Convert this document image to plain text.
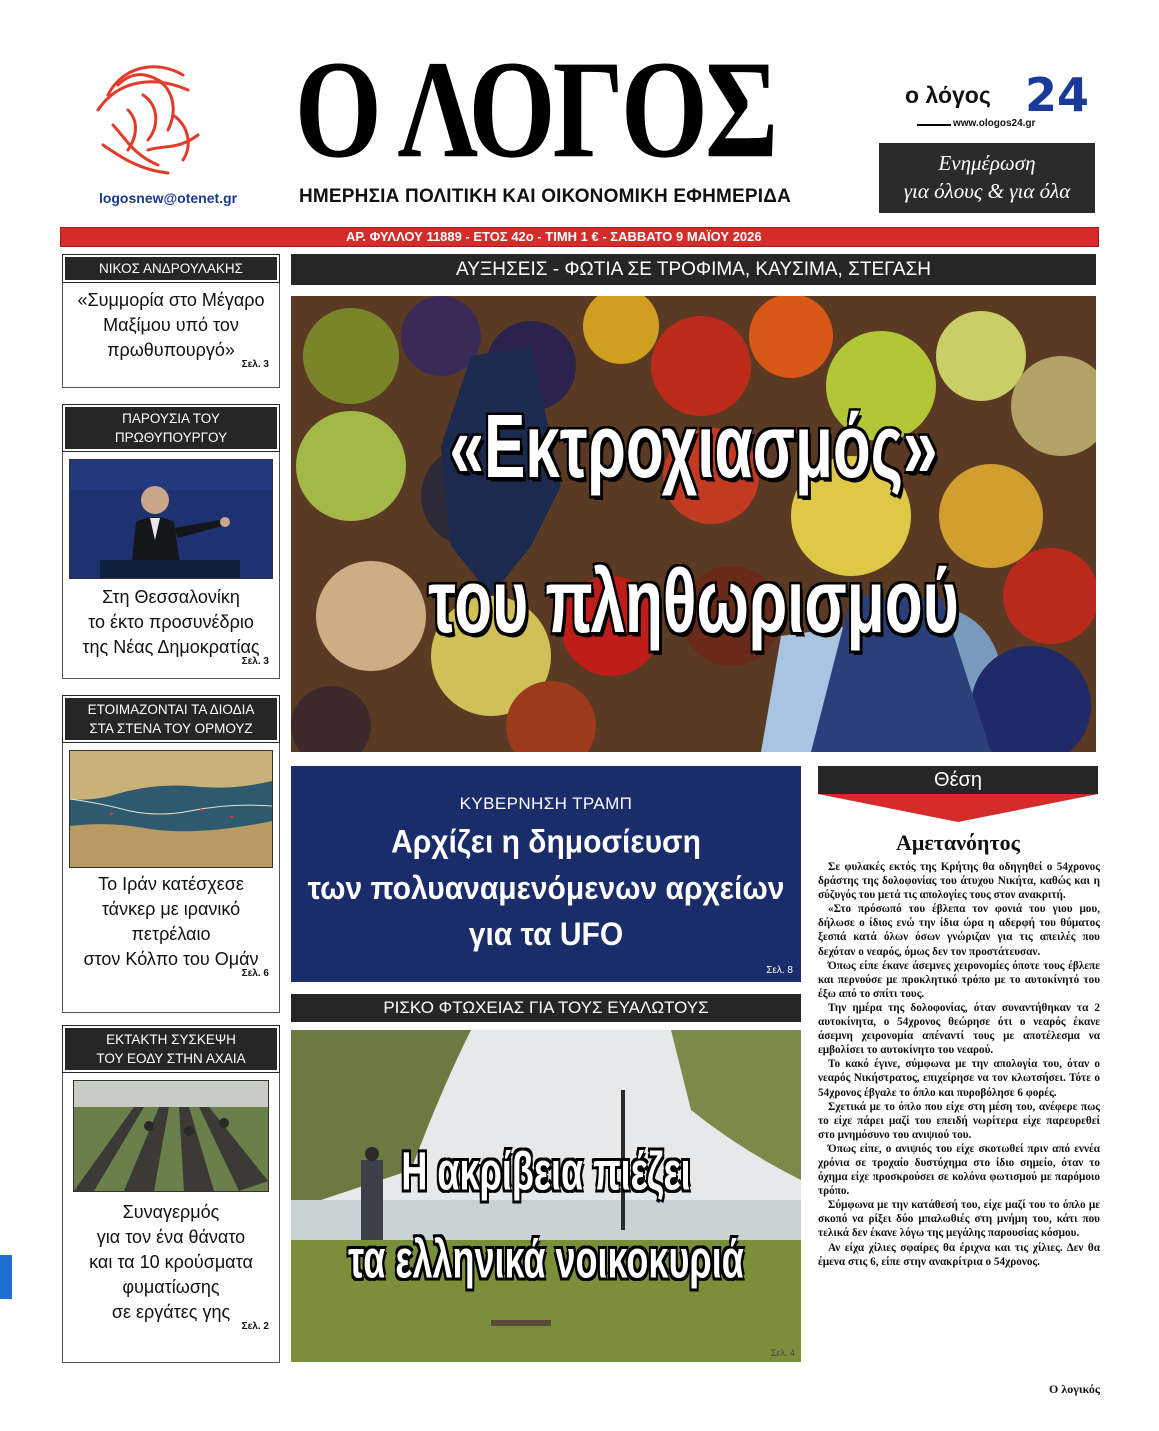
logosnew@otenet.gr
Ο ΛΟΓΟΣ
ΗΜΕΡΗΣΙΑ ΠΟΛΙΤΙΚΗ ΚΑΙ ΟΙΚΟΝΟΜΙΚΗ ΕΦΗΜΕΡΙΔΑ
ο λόγος 24
www.ologos24.gr
Ενημέρωση
για όλους & για όλα
ΑΡ. ΦΥΛΛΟΥ 11889 - ΕΤΟΣ 42ο - ΤΙΜΗ 1 € - ΣΑΒΒΑΤΟ 9 ΜΑΪΟΥ 2026
ΝΙΚΟΣ ΑΝΔΡΟΥΛΑΚΗΣ
«Συμμορία στο Μέγαρο
Μαξίμου υπό τον
πρωθυπουργό»
Σελ. 3
ΠΑΡΟΥΣΙΑ ΤΟΥ ΠΡΩΘΥΠΟΥΡΓΟΥ
Στη Θεσσαλονίκη
το έκτο προσυνέδριο
της Νέας Δημοκρατίας
Σελ. 3
ΕΤΟΙΜΑΖΟΝΤΑΙ ΤΑ ΔΙΟΔΙΑ
ΣΤΑ ΣΤΕΝΑ ΤΟΥ ΟΡΜΟΥΖ
Το Ιράν κατέσχεσε
τάνκερ με ιρανικό
πετρέλαιο
στον Κόλπο του Ομάν
Σελ. 6
ΕΚΤΑΚΤΗ ΣΥΣΚΕΨΗ
ΤΟΥ ΕΟΔΥ ΣΤΗΝ ΑΧΑΙΑ
Συναγερμός
για τον ένα θάνατο
και τα 10 κρούσματα
φυματίωσης
σε εργάτες γης
Σελ. 2
ΑΥΞΗΣΕΙΣ - ΦΩΤΙΑ ΣΕ ΤΡΟΦΙΜΑ, ΚΑΥΣΙΜΑ, ΣΤΕΓΑΣΗ
«Εκτροχιασμός»
του πληθωρισμού
ΚΥΒΕΡΝΗΣΗ ΤΡΑΜΠ
Αρχίζει η δημοσίευση
των πολυαναμενόμενων αρχείων
για τα UFO
Σελ. 8
ΡΙΣΚΟ ΦΤΩΧΕΙΑΣ ΓΙΑ ΤΟΥΣ ΕΥΑΛΩΤΟΥΣ
Η ακρίβεια πιέζει
τα ελληνικά νοικοκυριά
Σελ. 4
Θέση
Αμετανόητος

Σε φυλακές εκτός της Κρήτης θα οδηγηθεί ο 54χρονος δράστης της δολοφονίας του άτυχου Νικήτα, καθώς και η σύζυγός του μετά τις απολογίες τους στον ανακριτή.

«Στο πρόσωπό του έβλεπα τον φονιά του γιου μου, δήλωσε ο ίδιος ενώ την ίδια ώρα η αδερφή του θύματος ξεσπά κατά όλων όσων γνώριζαν για τις απειλές που δεχόταν ο νεαρός, όμως δεν τον προστάτευσαν.

Όπως είπε έκανε άσεμνες χειρονομίες όποτε τους έβλεπε και περνούσε με προκλητικό τρόπο με το αυτοκίνητό του έξω από το σπίτι τους.

Την ημέρα της δολοφονίας, όταν συναντήθηκαν τα 2 αυτοκίνητα, ο 54χρονος θεώρησε ότι ο νεαρός έκανε άσεμνη χειρονομία απέναντί τους με αποτέλεσμα να εμβολίσει το αυτοκίνητο του νεαρού.

Το κακό έγινε, σύμφωνα με την απολογία του, όταν ο νεαρός Νικήστρατος, επιχείρησε να τον κλωτσήσει. Τότε ο 54χρονος έβγαλε το όπλο και πυροβόλησε 6 φορές.

Σχετικά με το όπλο που είχε στη μέση του, ανέφερε πως το είχε πάρει μαζί του επειδή νωρίτερα είχε παρευρεθεί στο μνημόσυνο του ανιψιού του.

Όπως είπε, ο ανιψιός του είχε σκοτωθεί πριν από εννέα χρόνια σε τροχαίο δυστύχημα στο ίδιο σημείο, όταν το όχημα είχε προσκρούσει σε κολόνα φωτισμού με παρόμοιο τρόπο.

Σύμφωνα με την κατάθεσή του, είχε μαζί του το όπλο με σκοπό να ρίξει δύο μπαλωθιές στη μνήμη του, κάτι που τελικά δεν έκανε λόγω της μεγάλης παρουσίας κόσμου.

Αν είχα χίλιες σφαίρες θα έριχνα και τις χίλιες. Δεν θα έμενα στις 6, είπε στην ανακρίτρια ο 54χρονος.

Ο λογικός
